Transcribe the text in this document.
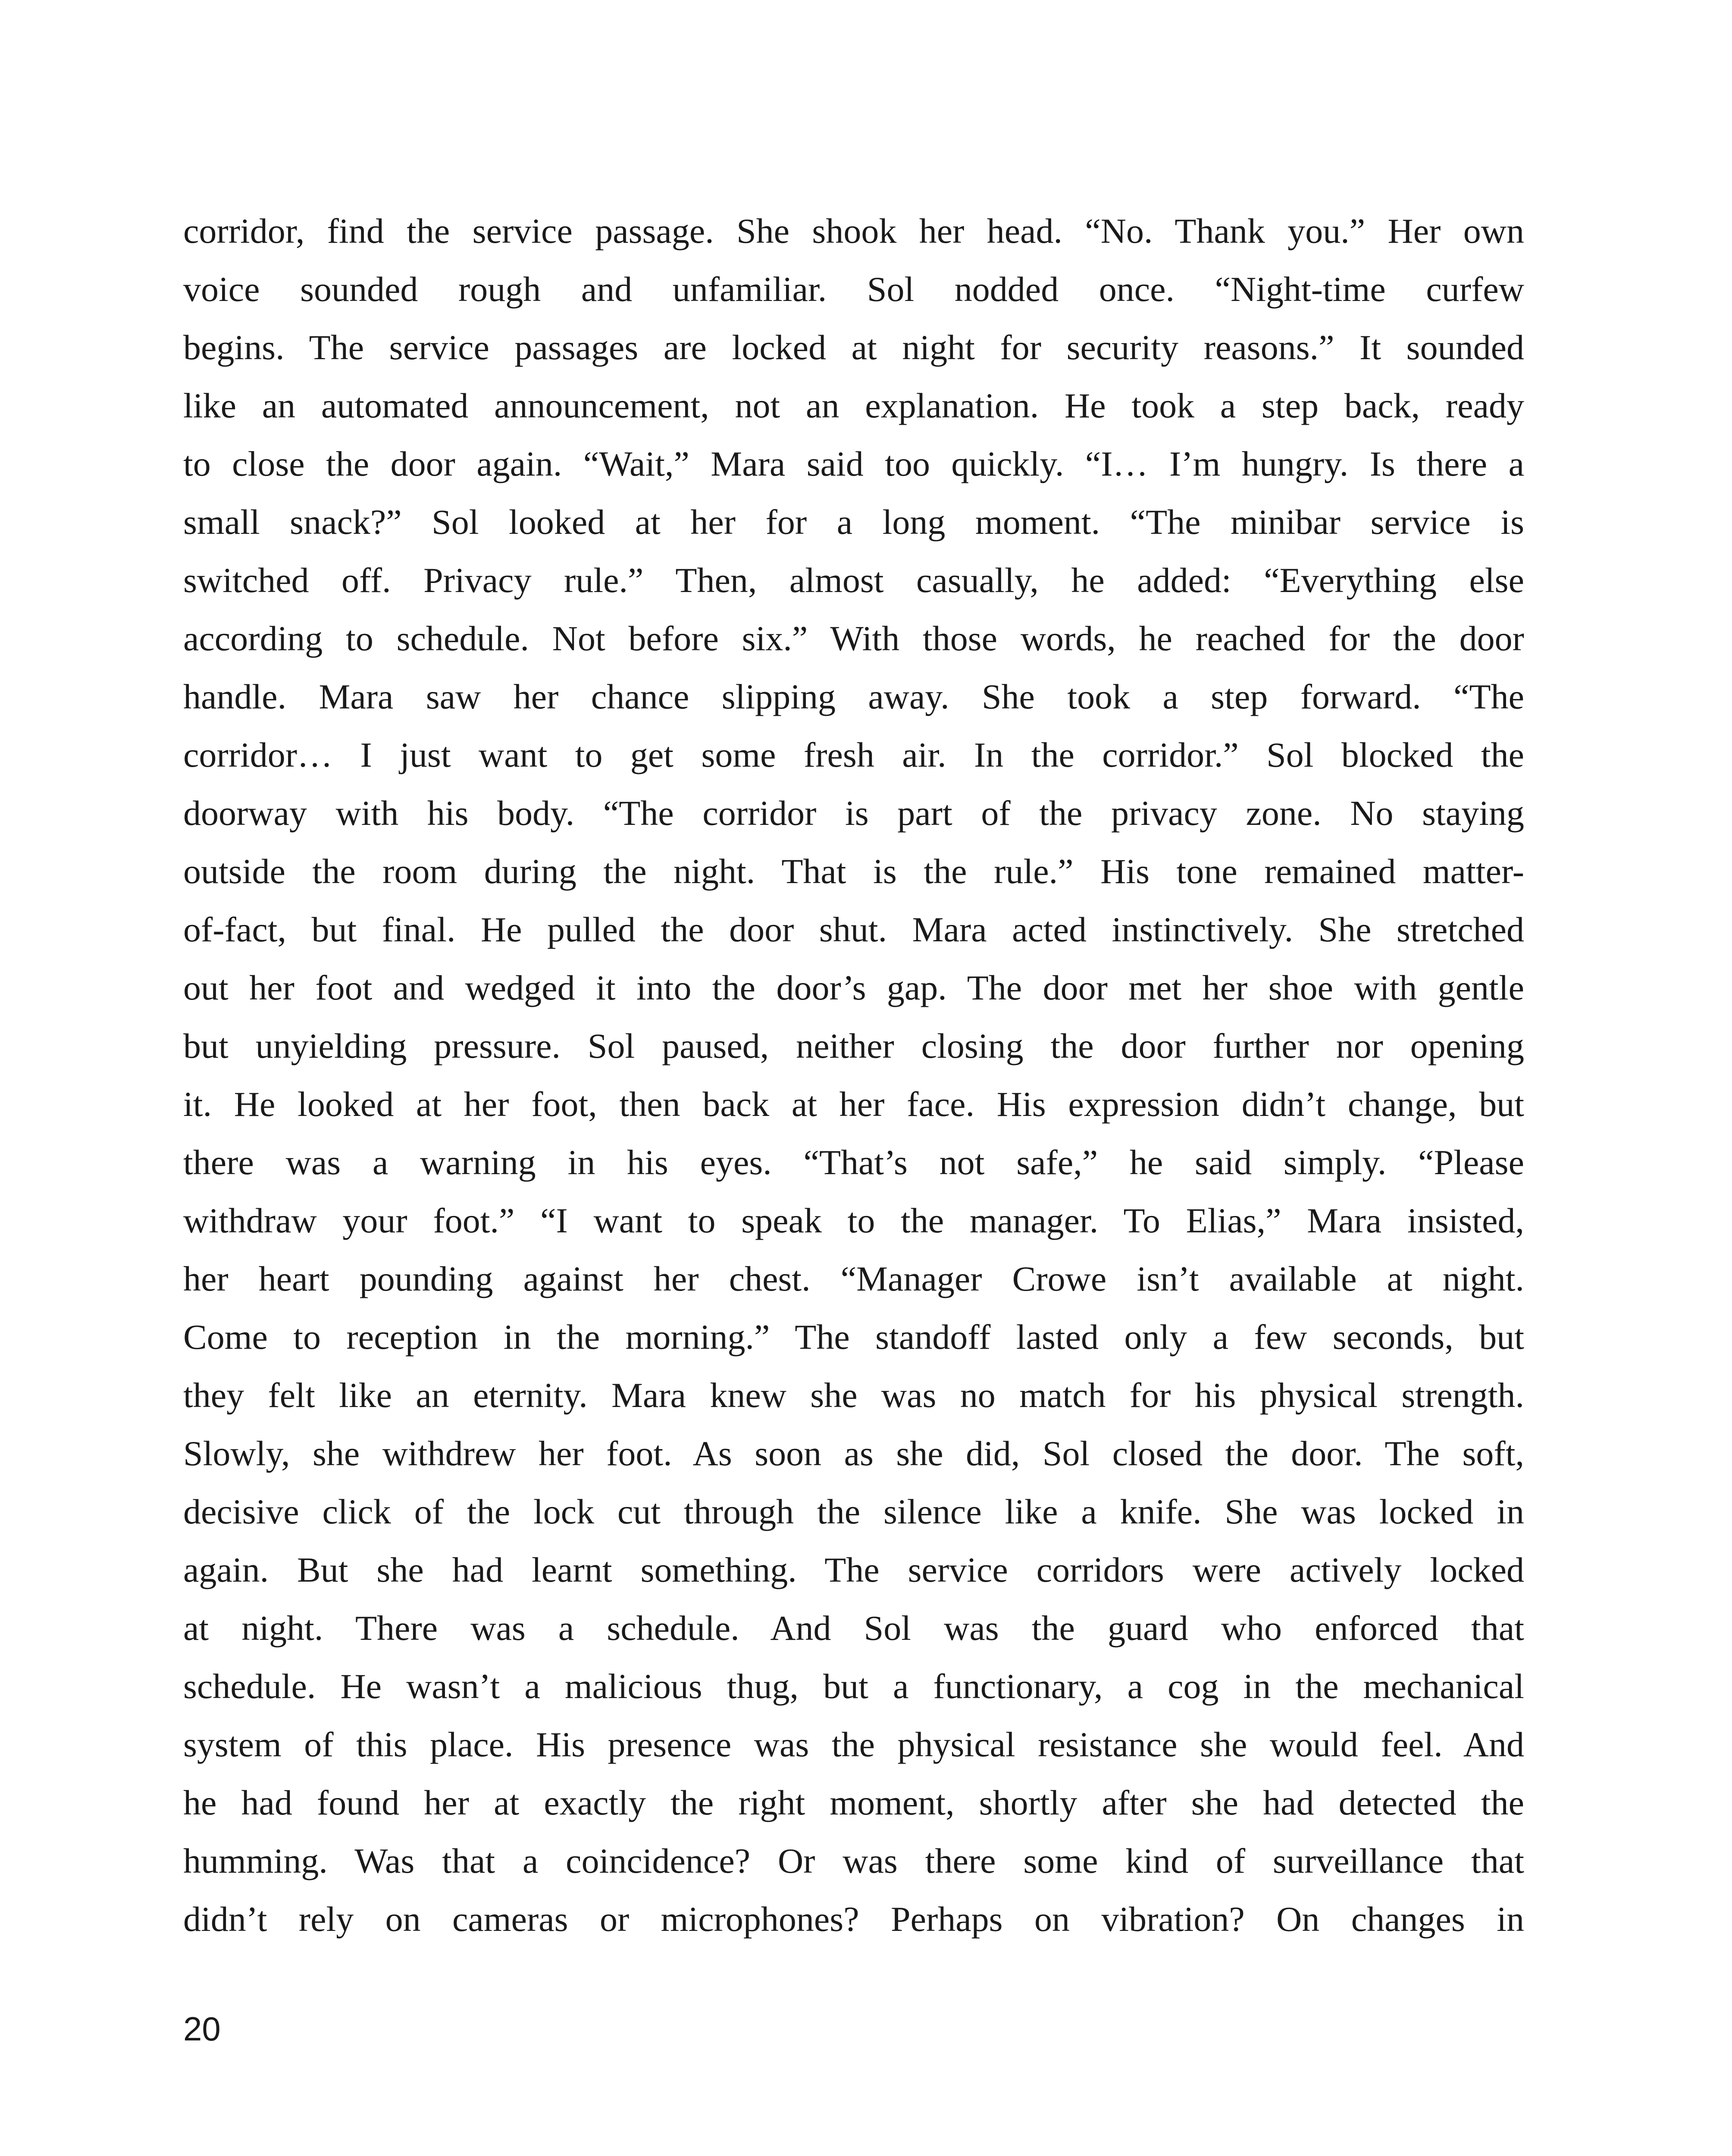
corridor, find the service passage. She shook her head. “No. Thank you.” Her own
voice sounded rough and unfamiliar. Sol nodded once. “Night-time curfew
begins. The service passages are locked at night for security reasons.” It sounded
like an automated announcement, not an explanation. He took a step back, ready
to close the door again. “Wait,” Mara said too quickly. “I… I’m hungry. Is there a
small snack?” Sol looked at her for a long moment. “The minibar service is
switched off. Privacy rule.” Then, almost casually, he added: “Everything else
according to schedule. Not before six.” With those words, he reached for the door
handle. Mara saw her chance slipping away. She took a step forward. “The
corridor… I just want to get some fresh air. In the corridor.” Sol blocked the
doorway with his body. “The corridor is part of the privacy zone. No staying
outside the room during the night. That is the rule.” His tone remained matter-
of-fact, but final. He pulled the door shut. Mara acted instinctively. She stretched
out her foot and wedged it into the door’s gap. The door met her shoe with gentle
but unyielding pressure. Sol paused, neither closing the door further nor opening
it. He looked at her foot, then back at her face. His expression didn’t change, but
there was a warning in his eyes. “That’s not safe,” he said simply. “Please
withdraw your foot.” “I want to speak to the manager. To Elias,” Mara insisted,
her heart pounding against her chest. “Manager Crowe isn’t available at night.
Come to reception in the morning.” The standoff lasted only a few seconds, but
they felt like an eternity. Mara knew she was no match for his physical strength.
Slowly, she withdrew her foot. As soon as she did, Sol closed the door. The soft,
decisive click of the lock cut through the silence like a knife. She was locked in
again. But she had learnt something. The service corridors were actively locked
at night. There was a schedule. And Sol was the guard who enforced that
schedule. He wasn’t a malicious thug, but a functionary, a cog in the mechanical
system of this place. His presence was the physical resistance she would feel. And
he had found her at exactly the right moment, shortly after she had detected the
humming. Was that a coincidence? Or was there some kind of surveillance that
didn’t rely on cameras or microphones? Perhaps on vibration? On changes in
20
